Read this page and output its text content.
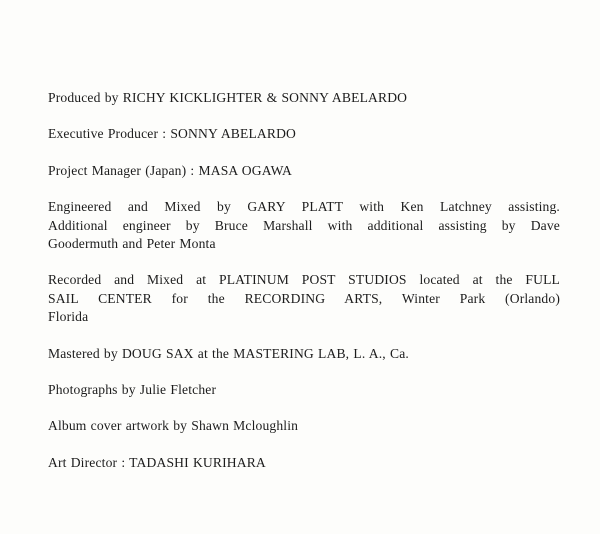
Produced by RICHY KICKLIGHTER & SONNY ABELARDO

Executive Producer : SONNY ABELARDO

Project Manager (Japan) : MASA OGAWA

Engineered and Mixed by GARY PLATT with Ken Latchney assisting.
Additional engineer by Bruce Marshall with additional assisting by Dave
Goodermuth and Peter Monta

Recorded and Mixed at PLATINUM POST STUDIOS located at the FULL
SAIL CENTER for the RECORDING ARTS, Winter Park (Orlando)
Florida

Mastered by DOUG SAX at the MASTERING LAB, L. A., Ca.

Photographs by Julie Fletcher

Album cover artwork by Shawn Mcloughlin

Art Director : TADASHI KURIHARA
